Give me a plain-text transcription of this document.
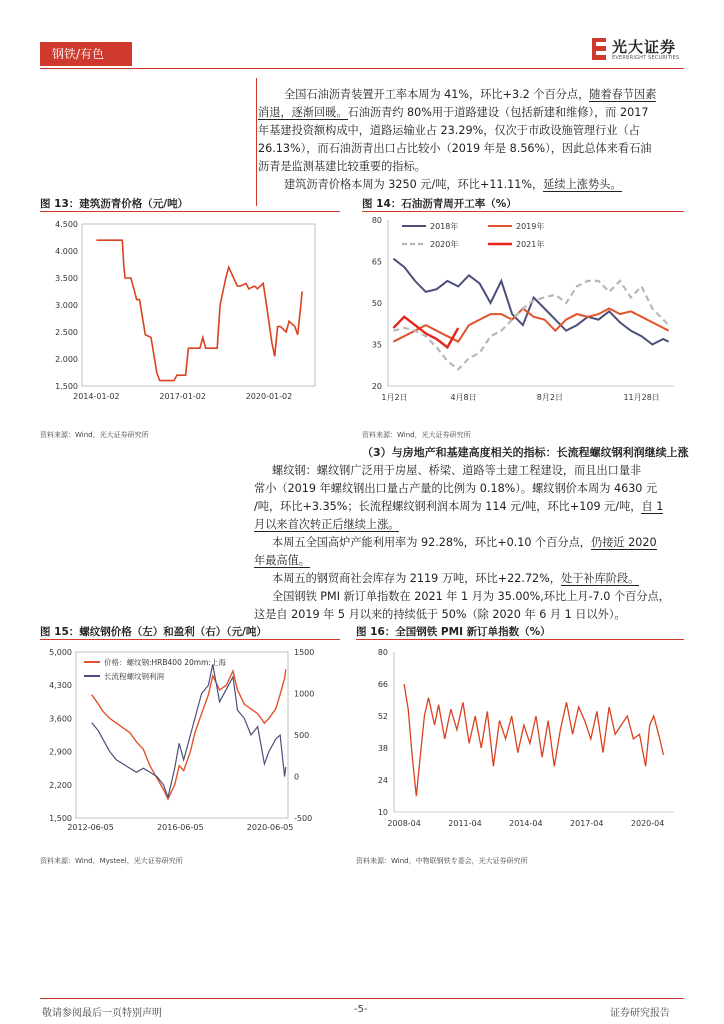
钢铁/有色	光大证券
EVERBRIGHT SECURITIES
全国石油沥青装置开工率本周为 41%，环比+3.2 个百分点，随着春节因素
消退，逐渐回暖。石油沥青约 80%用于道路建设（包括新建和维修），而 2017
年基建投资额构成中，道路运输业占 23.29%，仅次于市政设施管理行业（占
26.13%），而石油沥青出口占比较小（2019 年是 8.56%），因此总体来看石油
沥青是监测基建比较重要的指标。
建筑沥青价格本周为 3250 元/吨，环比+11.11%，延续上涨势头。
图 13：建筑沥青价格（元/吨）
4.500
4.000
3.500
3.000
2.500
2.000
1.500
2014-01-02	2017-01-02	2020-01-02
资料来源：Wind，光大证券研究所
图 14：石油沥青周开工率（%）
80
65
50
35
20
1月2日	4月8日	8月2日	11月28日
2018年	2019年
2020年	2021年
资料来源：Wind，光大证券研究所
（3）与房地产和基建高度相关的指标：长流程螺纹钢利润继续上涨
螺纹钢：螺纹钢广泛用于房屋、桥梁、道路等土建工程建设，而且出口量非
常小（2019 年螺纹钢出口量占产量的比例为 0.18%）。螺纹钢价本周为 4630 元
/吨，环比+3.35%；长流程螺纹钢利润本周为 114 元/吨，环比+109 元/吨，自 1
月以来首次转正后继续上涨。
本周五全国高炉产能利用率为 92.28%，环比+0.10 个百分点，仍接近 2020
年最高值。
本周五的钢贸商社会库存为 2119 万吨，环比+22.72%，处于补库阶段。
全国钢铁 PMI 新订单指数在 2021 年 1 月为 35.00%,环比上月-7.0 个百分点，
这是自 2019 年 5 月以来的持续低于 50%（除 2020 年 6 月 1 日以外）。
图 15：螺纹钢价格（左）和盈利（右）（元/吨）
5,000
4,300
3,600
2,900
2,200
1,500
1500
1000
500
0
-500
2012-06-05	2016-06-05	2020-06-05
价格：螺纹钢:HRB400 20mm:上海
长流程螺纹钢利润
资料来源：Wind，Mysteel，光大证券研究所
图 16：全国钢铁 PMI 新订单指数（%）
80
66
52
38
24
10
2008-04	2011-04	2014-04	2017-04	2020-04
资料来源：Wind，中物联钢铁专委会，光大证券研究所
敬请参阅最后一页特别声明	-5-	证券研究报告
